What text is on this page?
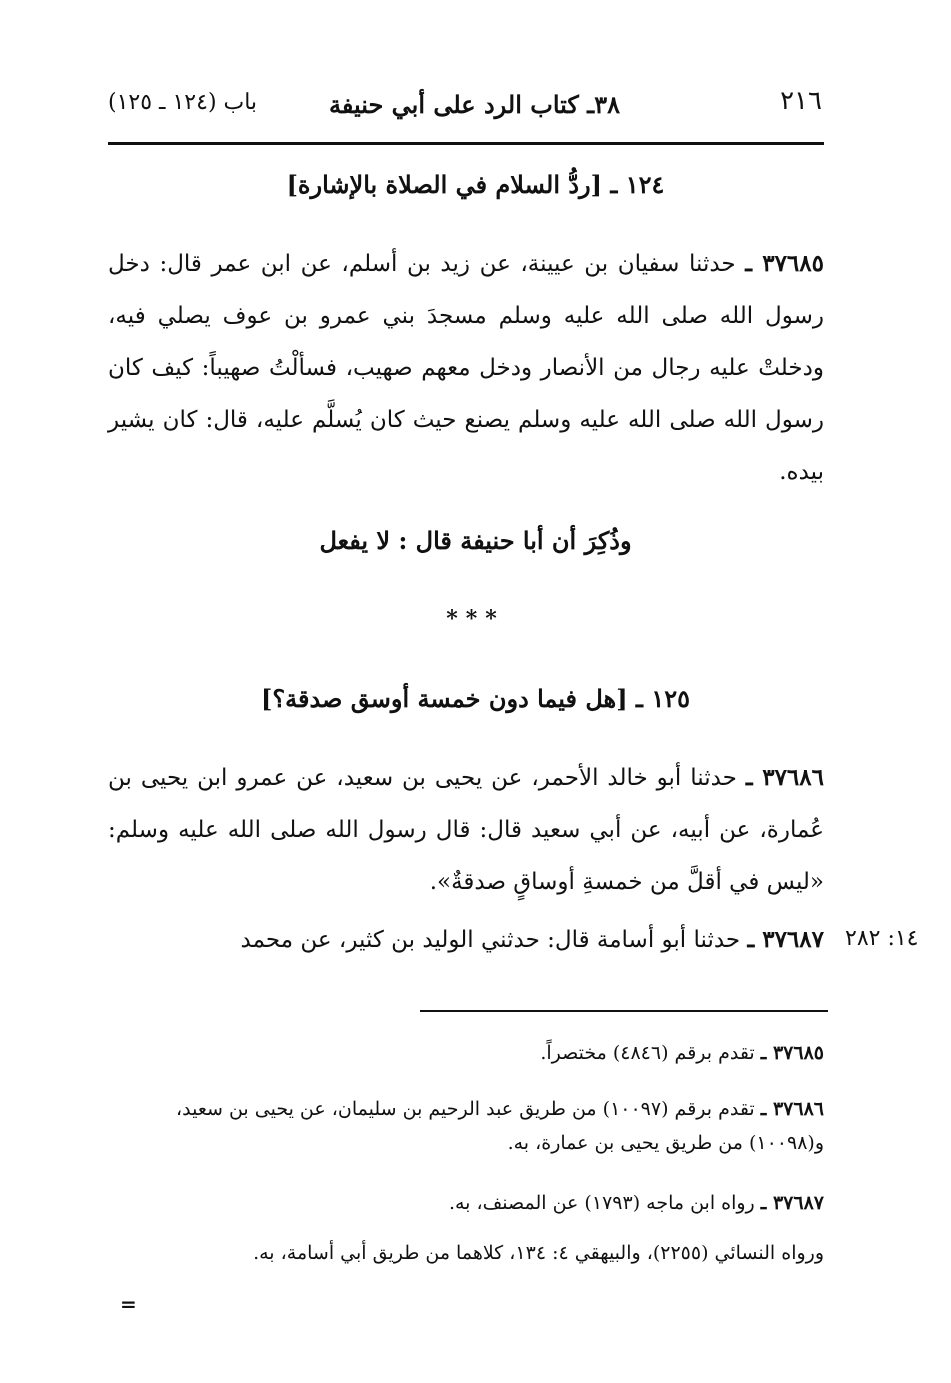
٢١٦
٣٨ـ كتاب الرد على أبي حنيفة
باب (١٢٤ ـ ١٢٥)
١٢٤ ـ [ردُّ السلام في الصلاة بالإشارة]
٣٧٦٨٥ ـ حدثنا سفيان بن عيينة، عن زيد بن أسلم، عن ابن عمر قال: دخل رسول الله صلى الله عليه وسلم مسجدَ بني عمرو بن عوف يصلي فيه، ودخلتْ عليه رجال من الأنصار ودخل معهم صهيب، فسألْتُ صهيباً: كيف كان رسول الله صلى الله عليه وسلم يصنع حيث كان يُسلَّم عليه، قال: كان يشير بيده.
وذُكِرَ أن أبا حنيفة قال : لا يفعل
***
١٢٥ ـ [هل فيما دون خمسة أوسق صدقة؟]
٣٧٦٨٦ ـ حدثنا أبو خالد الأحمر، عن يحيى بن سعيد، عن عمرو ابن يحيى بن عُمارة، عن أبيه، عن أبي سعيد قال: قال رسول الله صلى الله عليه وسلم: «ليس في أقلَّ من خمسةِ أوساقٍ صدقةٌ».
٣٧٦٨٧ ـ حدثنا أبو أسامة قال: حدثني الوليد بن كثير، عن محمد	١٤: ٢٨٢
٣٧٦٨٥ ـ تقدم برقم (٤٨٤٦) مختصراً.
٣٧٦٨٦ ـ تقدم برقم (١٠٠٩٧) من طريق عبد الرحيم بن سليمان، عن يحيى بن سعيد، و(١٠٠٩٨) من طريق يحيى بن عمارة، به.
٣٧٦٨٧ ـ رواه ابن ماجه (١٧٩٣) عن المصنف، به.
ورواه النسائي (٢٢٥٥)، والبيهقي ٤: ١٣٤، كلاهما من طريق أبي أسامة، به.
=
